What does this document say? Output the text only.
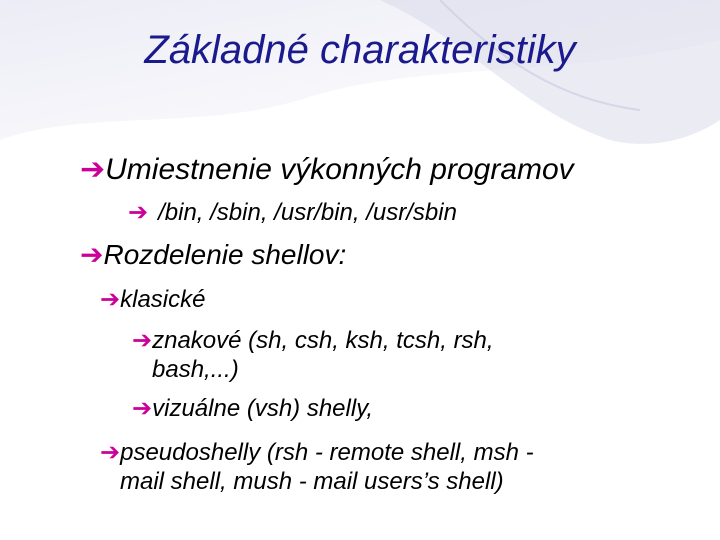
Základné charakteristiky
➔Umiestnenie výkonných programov
➔ /bin, /sbin, /usr/bin, /usr/sbin
➔Rozdelenie shellov:
➔klasické
➔znakové (sh, csh, ksh, tcsh, rsh,
bash,...)
➔vizuálne (vsh) shelly,
➔pseudoshelly (rsh - remote shell, msh -
mail shell, mush - mail users’s shell)
